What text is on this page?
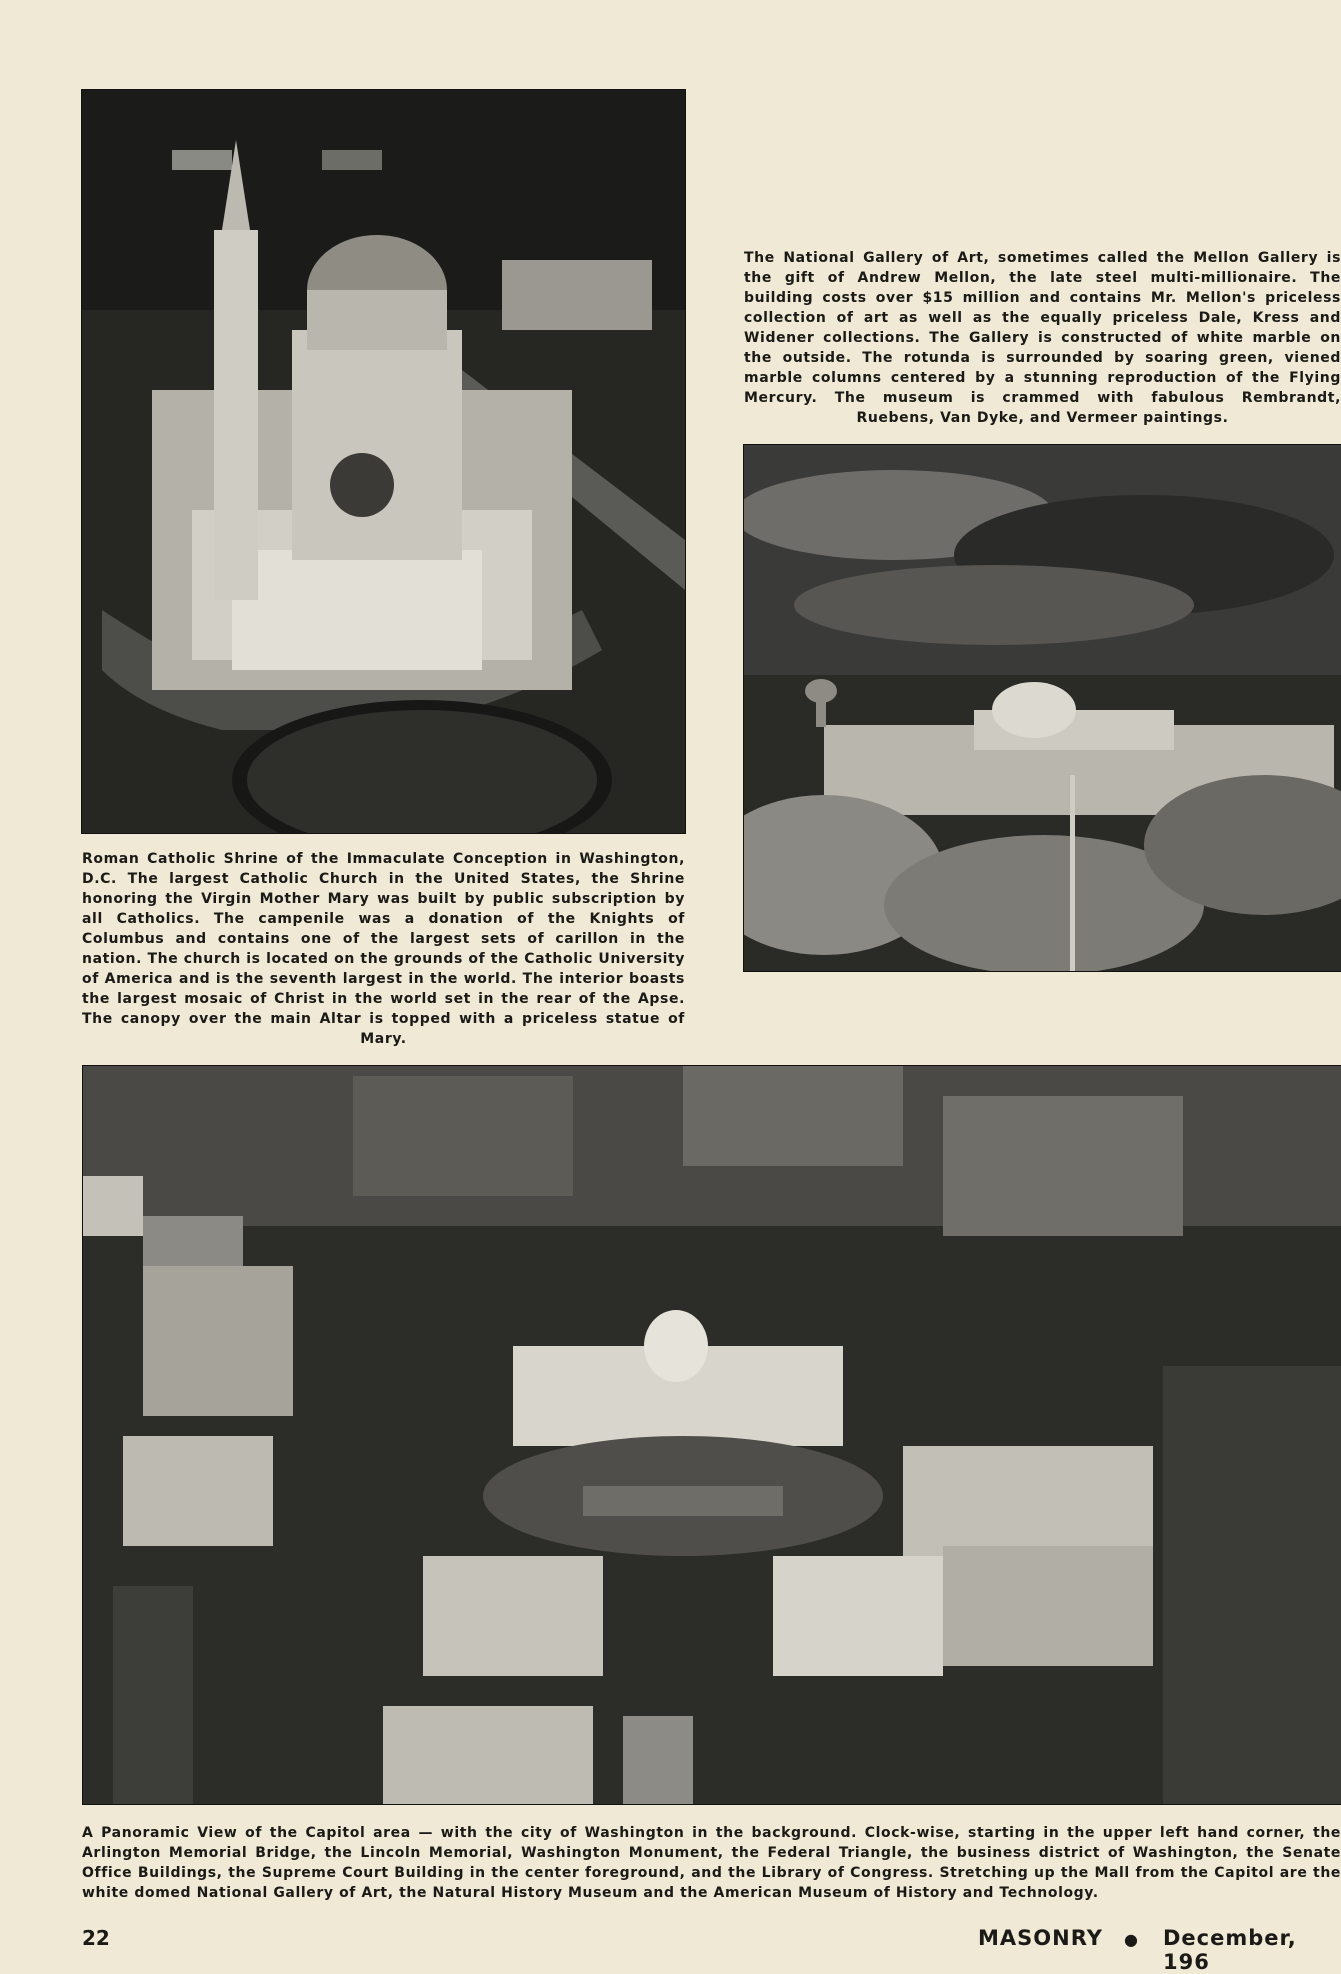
Roman Catholic Shrine of the Immaculate Conception in Washington, D.C. The largest Catholic Church in the United States, the Shrine honoring the Virgin Mother Mary was built by public subscription by all Catholics. The campenile was a donation of the Knights of Columbus and contains one of the largest sets of carillon in the nation. The church is located on the grounds of the Catholic University of America and is the seventh largest in the world. The interior boasts the largest mosaic of Christ in the world set in the rear of the Apse. The canopy over the main Altar is topped with a priceless statue of Mary.

The National Gallery of Art, sometimes called the Mellon Gallery is the gift of Andrew Mellon, the late steel multi-millionaire. The building costs over $15 million and contains Mr. Mellon's priceless collection of art as well as the equally priceless Dale, Kress and Widener collections. The Gallery is constructed of white marble on the outside. The rotunda is surrounded by soaring green, viened marble columns centered by a stunning reproduction of the Flying Mercury. The museum is crammed with fabulous Rembrandt, Ruebens, Van Dyke, and Vermeer paintings.

A Panoramic View of the Capitol area — with the city of Washington in the background. Clock-wise, starting in the upper left hand corner, the Arlington Memorial Bridge, the Lincoln Memorial, Washington Monument, the Federal Triangle, the business district of Washington, the Senate Office Buildings, the Supreme Court Building in the center foreground, and the Library of Congress. Stretching up the Mall from the Capitol are the white domed National Gallery of Art, the Natural History Museum and the American Museum of History and Technology.

22	MASONRY ● December, 196
